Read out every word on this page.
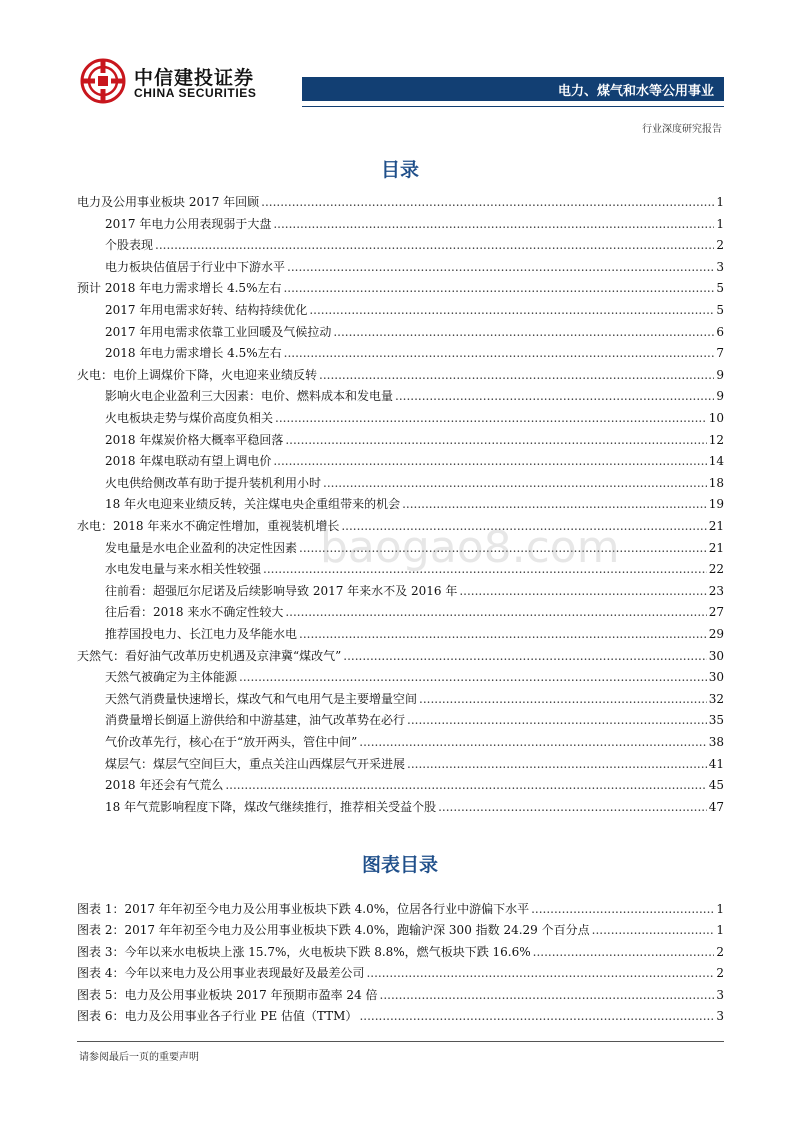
中信建投证券
CHINA SECURITIES	电力、煤气和水等公用事业
行业深度研究报告
目录
电力及公用事业板块 2017 年回顾 .....	1
2017 年电力公用表现弱于大盘 .....	1
个股表现 .....	2
电力板块估值居于行业中下游水平 .....	3
预计 2018 年电力需求增长 4.5%左右 .....	5
2017 年用电需求好转、结构持续优化 .....	5
2017 年用电需求依靠工业回暖及气候拉动 .....	6
2018 年电力需求增长 4.5%左右 .....	7
火电：电价上调煤价下降，火电迎来业绩反转 .....	9
影响火电企业盈利三大因素：电价、燃料成本和发电量 .....	9
火电板块走势与煤价高度负相关 .....	10
2018 年煤炭价格大概率平稳回落 .....	12
2018 年煤电联动有望上调电价 .....	14
火电供给侧改革有助于提升装机利用小时 .....	18
18 年火电迎来业绩反转，关注煤电央企重组带来的机会 .....	19
水电：2018 年来水不确定性增加，重视装机增长 .....	21
发电量是水电企业盈利的决定性因素 .....	21
水电发电量与来水相关性较强 .....	22
往前看：超强厄尔尼诺及后续影响导致 2017 年来水不及 2016 年 .....	23
往后看：2018 来水不确定性较大 .....	27
推荐国投电力、长江电力及华能水电 .....	29
天然气：看好油气改革历史机遇及京津冀“煤改气” .....	30
天然气被确定为主体能源 .....	30
天然气消费量快速增长，煤改气和气电用气是主要增量空间 .....	32
消费量增长倒逼上游供给和中游基建，油气改革势在必行 .....	35
气价改革先行，核心在于“放开两头，管住中间” .....	38
煤层气：煤层气空间巨大，重点关注山西煤层气开采进展 .....	41
2018 年还会有气荒么 .....	45
18 年气荒影响程度下降，煤改气继续推行，推荐相关受益个股 .....	47
图表目录
图表 1：2017 年年初至今电力及公用事业板块下跌 4.0%，位居各行业中游偏下水平 .....	1
图表 2：2017 年年初至今电力及公用事业板块下跌 4.0%，跑输沪深 300 指数 24.29 个百分点 .....	1
图表 3：今年以来水电板块上涨 15.7%，火电板块下跌 8.8%，燃气板块下跌 16.6% .....	2
图表 4：今年以来电力及公用事业表现最好及最差公司 .....	2
图表 5：电力及公用事业板块 2017 年预期市盈率 24 倍 .....	3
图表 6：电力及公用事业各子行业 PE 估值（TTM） .....	3
baogao8.com
请参阅最后一页的重要声明
